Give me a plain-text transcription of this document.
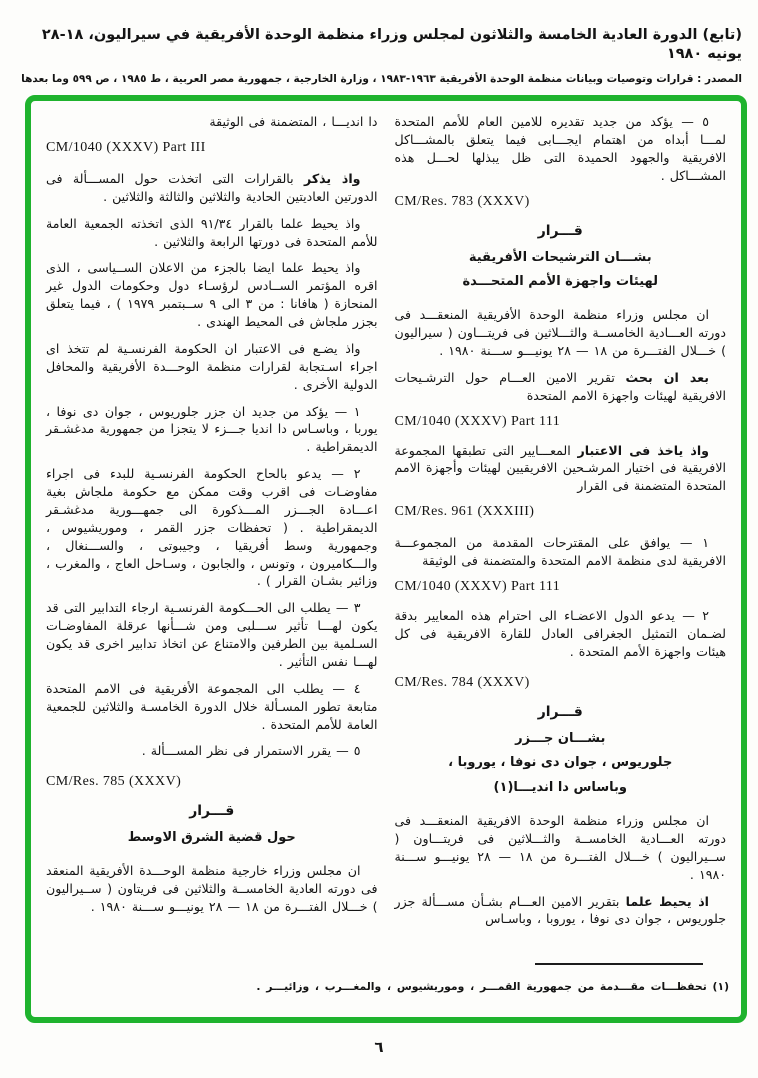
(تابع) الدورة العادية الخامسة والثلاثون لمجلس وزراء منظمة الوحدة الأفريقية في سيراليون، ١٨-٢٨ يونيه ١٩٨٠
المصدر : قرارات وتوصيات وبيانات منظمة الوحدة الأفريقية ١٩٦٣-١٩٨٣ ، وزارة الخارجية ، جمهورية مصر العربية ، ط ١٩٨٥ ، ص ٥٩٩ وما بعدها

٥ — يؤكد من جديد تقديره للامين العام للأمم المتحدة لمـــا أبداه من اهتمام ايجـــابى فيما يتعلق بالمشـــاكل الافريقية والجهود الحميدة التى ظل يبذلها لحـــل هذه المشـــاكل .

CM/Res. 783 (XXXV)
قـــرار
بشـــان الترشيحات الأفريقية
لهيئات واجهزة الأمم المتحـــدة

ان مجلس وزراء منظمة الوحدة الأفريقية المنعقـــد فى دورته العـــادية الخامســة والثـــلاثين فى فريتـــاون ( سيراليون ) خـــلال الفتـــرة من ١٨ — ٢٨ يونيـــو ســـنة ١٩٨٠ .

بعد ان بحث تقرير الامين العـــام حول الترشـيحات الافريقية لهيئات واجهزة الامم المتحدة

CM/1040 (XXXV) Part 111

واذ ياخذ فى الاعتبار المعـــايير التى تطبقها المجموعة الافريقية فى اختيار المرشـحين الافريقيين لهيئات وأجهزة الامم المتحدة المتضمنة فى القرار

CM/Res. 961 (XXXIII)

١ — يوافق على المقترحات المقدمة من المجموعـــة الافريقية لدى منظمة الامم المتحدة والمتضمنة فى الوثيقة

CM/1040 (XXXV) Part 111

٢ — يدعو الدول الاعضـاء الى احترام هذه المعايير بدقة لضـمان التمثيل الجغرافى العادل للقارة الافريقية فى كل هيئات واجهزة الأمم المتحدة .

CM/Res. 784 (XXXV)
قـــرار
بشـــان جـــزر
جلوريوس ، جوان دى نوفا ، يوروبا ،
وباساس دا انديـــا(١)

ان مجلس وزراء منظمة الوحدة الافريقية المنعقـــد فى دورته العـــادية الخامســة والثـــلاثين فى فريتـــاون ( ســيراليون ) خـــلال الفتـــرة من ١٨ — ٢٨ يونيـــو ســـنة ١٩٨٠ .

اذ يحيط علما بتقرير الامين العـــام بشـأن مســـألة جزر جلوريوس ، جوان دى نوفا ، يوروبا ، وباسـاس

دا انديـــا ، المتضمنة فى الوثيقة

CM/1040 (XXXV) Part III

واذ يذكر بالقرارات التى اتخذت حول المســـألة فى الدورتين العاديتين الحادية والثلاثين والثالثة والثلاثين .

واذ يحيط علما بالقرار ٩١/٣٤ الذى اتخذته الجمعية العامة للأمم المتحدة فى دورتها الرابعة والثلاثين .

واذ يحيط علما ايضا بالجزء من الاعلان الســياسى ، الذى اقره المؤتمر الســادس لرؤسـاء دول وحكومات الدول غير المنحازة ( هافانا : من ٣ الى ٩ ســبتمبر ١٩٧٩ ) ، فيما يتعلق بجزر ملجاش فى المحيط الهندى .

واذ يضـع فى الاعتبار ان الحكومة الفرنسـية لم تتخذ اى اجراء اسـتجابة لقرارات منظمة الوحـــدة الأفريقية والمحافل الدولية الأخرى .

١ — يؤكد من جديد ان جزر جلوريوس ، جوان دى نوفا ، يوربا ، وباسـاس دا انديا جـــزء لا يتجزا من جمهورية مدغشـقر الديمقراطية .

٢ — يدعو بالحاح الحكومة الفرنسـية للبدء فى اجراء مفاوضـات فى اقرب وقت ممكن مع حكومة ملجاش بغية اعـــادة الجـــزر المـــذكورة الى جمهـــورية مدغشـقر الديمقراطية . ( تحفظات جزر القمر ، وموريشيوس ، وجمهورية وسط أفريقيا ، وجيبوتى ، والســـنغال ، والـــكاميرون ، وتونس ، والجابون ، وسـاحل العاج ، والمغرب ، وزائير بشـان القرار ) .

٣ — يطلب الى الحـــكومة الفرنسـية ارجاء التدابير التى قد يكون لهـــا تأثير ســـلبى ومن شـــأنها عرقلة المفاوضـات السـلمية بين الطرفين والامتناع عن اتخاذ تدابير اخرى قد يكون لهـــا نفس التأثير .

٤ — يطلب الى المجموعة الأفريقية فى الامم المتحدة متابعة تطور المسـألة خلال الدورة الخامسـة والثلاثين للجمعية العامة للأمم المتحدة .

٥ — يقرر الاستمرار فى نظر المســـألة .

CM/Res. 785 (XXXV)
قـــرار
حول قضية الشرق الاوسط

ان مجلس وزراء خارجية منظمة الوحـــدة الأفريقية المنعقد فى دورته العادية الخامســة والثلاثين فى فريتاون ( ســيراليون ) خـــلال الفتـــرة من ١٨ — ٢٨ يونيـــو ســـنة ١٩٨٠ .

(١) تحفظـــات مقـــدمة من جمهورية القمـــر ، وموريشيوس ، والمغـــرب ، وزائيـــر .
٦
